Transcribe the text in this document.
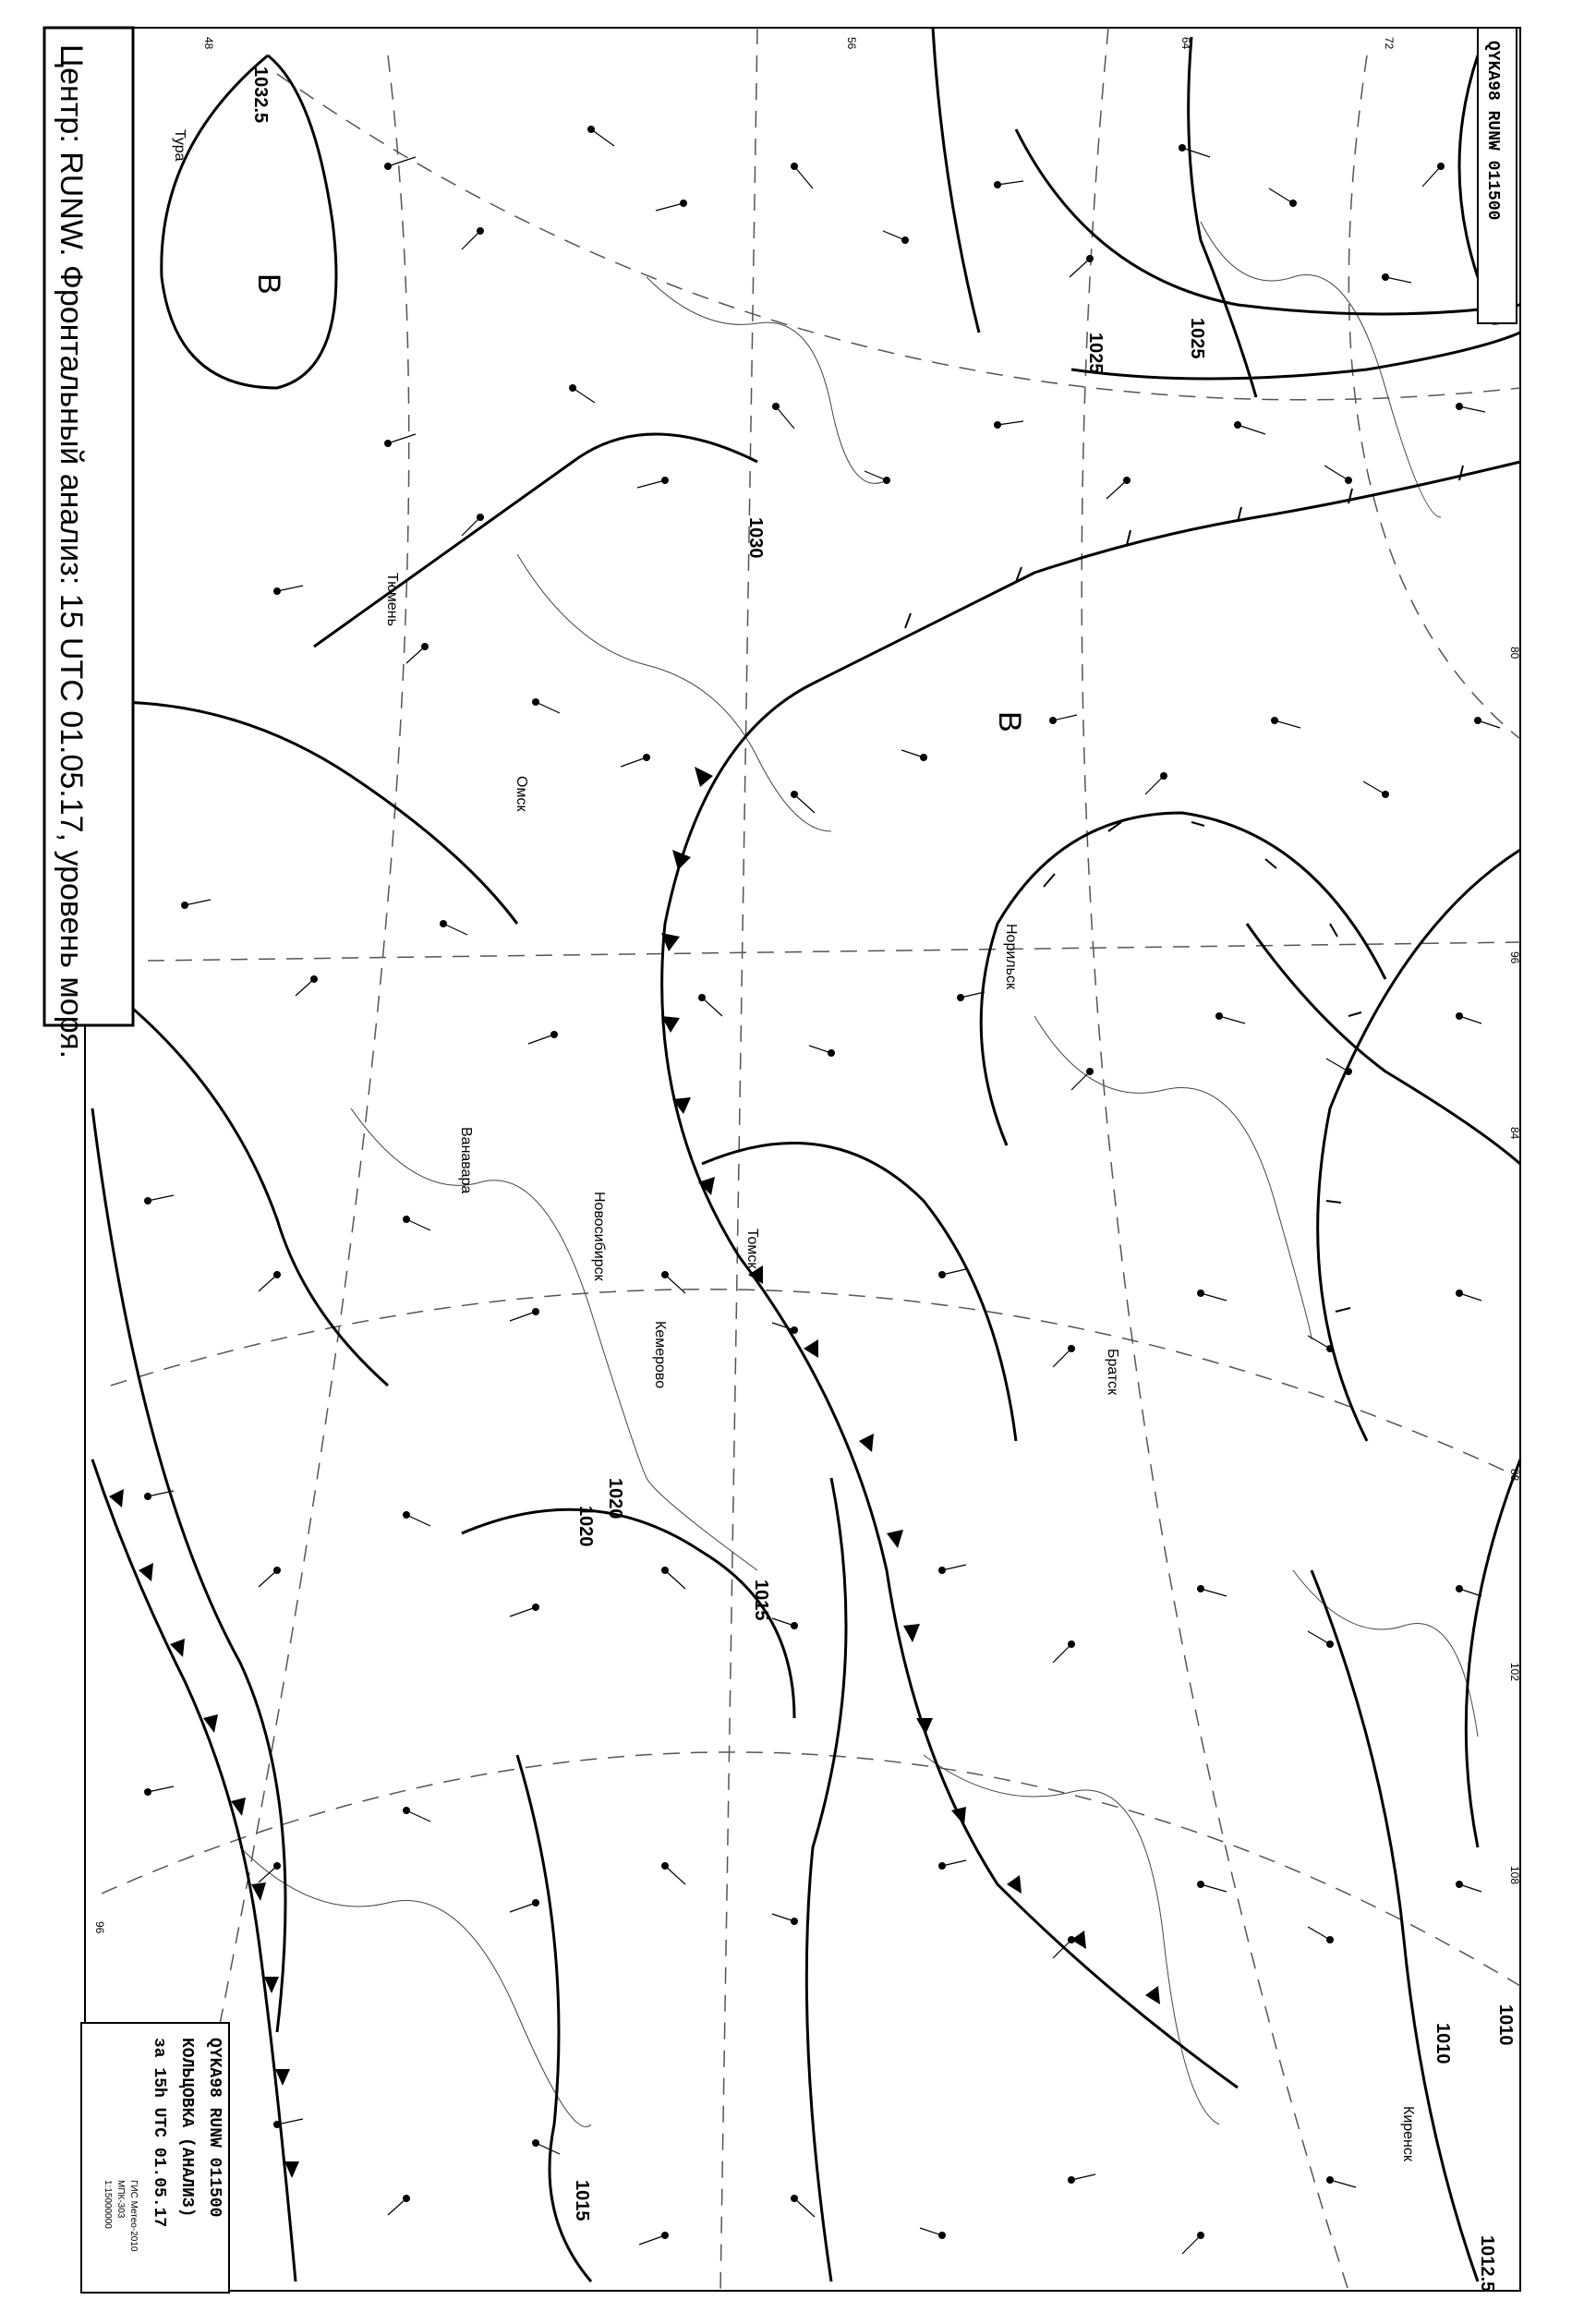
1032.5
1025
1030
1020
1015
1015
1010
1012.5
1020
1025
1010
В
В
Тура
Ванавара
Киренск
Братск
Норильск
Томск
Новосибирск
Кемерово
Омск
Тюмень
48	56	64	72
80
88
96
102
108
84
96
Центр: RUNW. Фронтальный анализ: 15 UTC 01.05.17, уровень моря.	QYKA98 RUNW 011500
QYKA98 RUNW 011500
КОЛЬЦОВКА (АНАЛИЗ)
за 15h UTC 01.05.17
ГИС Метео-2010
МПК-303
1:15000000
